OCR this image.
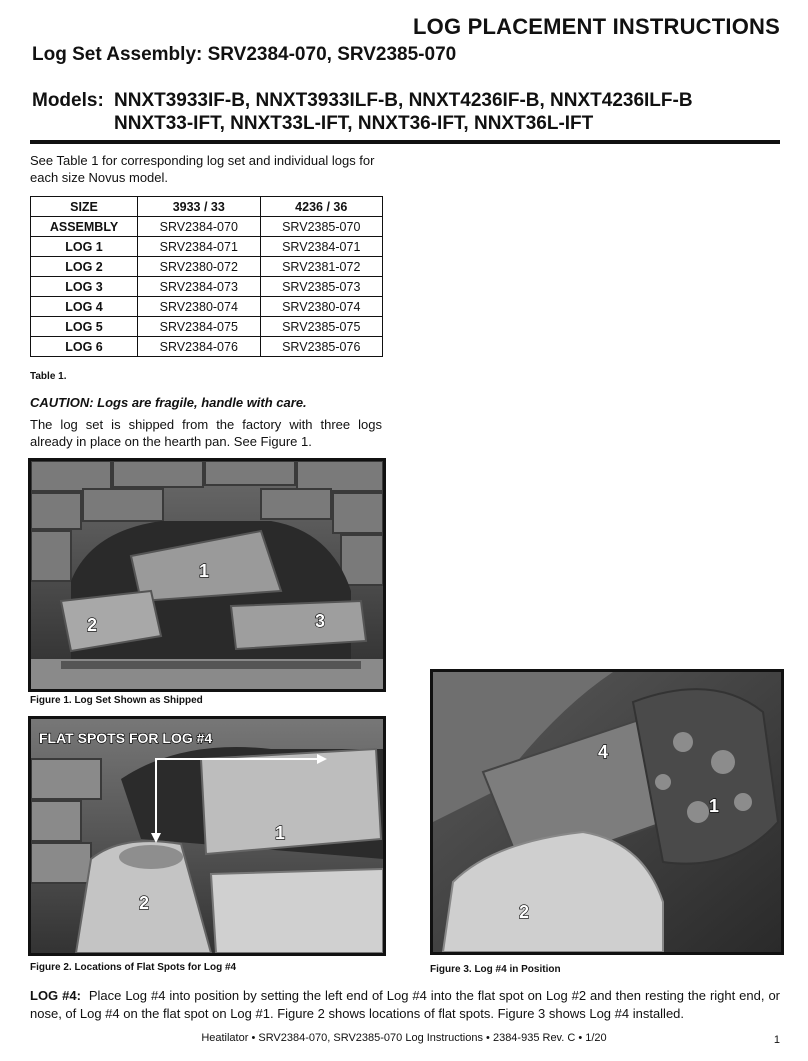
LOG PLACEMENT INSTRUCTIONS
Log Set Assembly: SRV2384-070, SRV2385-070
Models: NNXT3933IF-B, NNXT3933ILF-B, NNXT4236IF-B, NNXT4236ILF-B
NNXT33-IFT, NNXT33L-IFT, NNXT36-IFT, NNXT36L-IFT
See Table 1 for corresponding log set and individual logs for each size Novus model.
SIZE	3933 / 33	4236 / 36
ASSEMBLY	SRV2384-070	SRV2385-070
LOG 1	SRV2384-071	SRV2384-071
LOG 2	SRV2380-072	SRV2381-072
LOG 3	SRV2384-073	SRV2385-073
LOG 4	SRV2380-074	SRV2380-074
LOG 5	SRV2384-075	SRV2385-075
LOG 6	SRV2384-076	SRV2385-076
Table 1.
CAUTION: Logs are fragile, handle with care.
The log set is shipped from the factory with three logs already in place on the hearth pan. See Figure 1.
1
2	3
Figure 1. Log Set Shown as Shipped
FLAT SPOTS FOR LOG #4
1
2
Figure 2. Locations of Flat Spots for Log #4
4
1
2
Figure 3. Log #4 in Position
LOG #4: Place Log #4 into position by setting the left end of Log #4 into the flat spot on Log #2 and then resting the right end, or nose, of Log #4 on the flat spot on Log #1. Figure 2 shows locations of flat spots. Figure 3 shows Log #4 installed.
Heatilator • SRV2384-070, SRV2385-070 Log Instructions • 2384-935 Rev. C • 1/20	1
